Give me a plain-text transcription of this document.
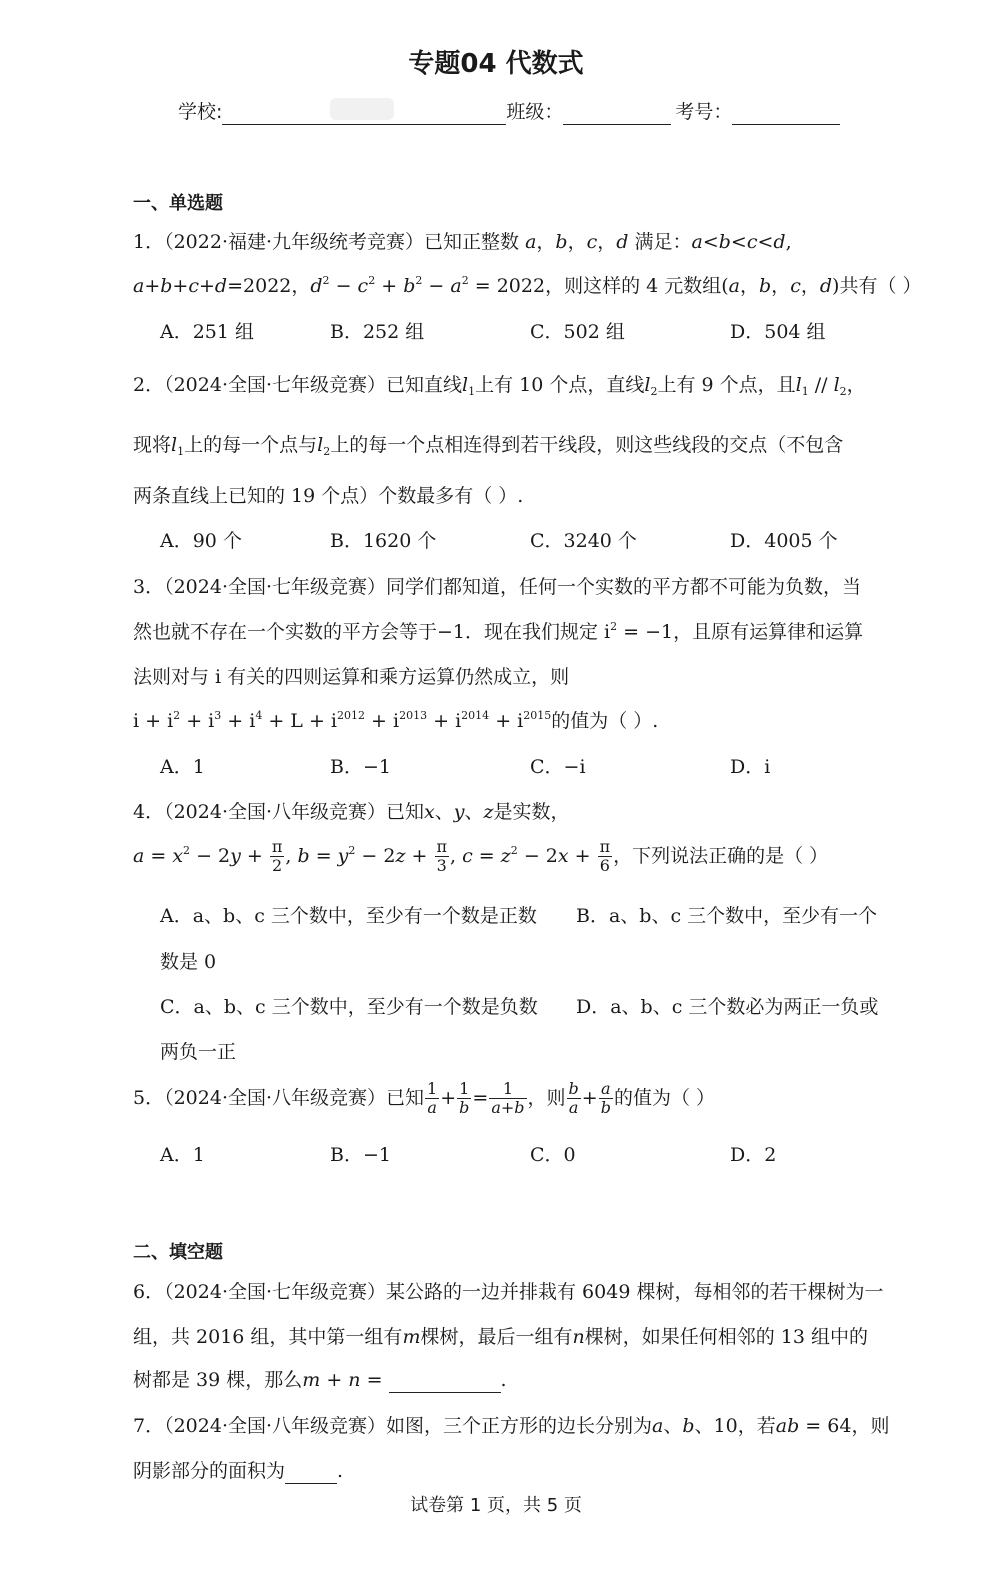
专题04 代数式
学校:	班级：	考号：
一、单选题
1．（2022·福建·九年级统考竞赛）已知正整数 a，b，c，d 满足：a<b<c<d,
a+b+c+d=2022，$d^2 - c^2 + b^2 - a^2 = 2022$，则这样的 4 元数组(a，b，c，d)共有（ ）
A．251 组	B．252 组	C．502 组	D．504 组
2．（2024·全国·七年级竞赛）已知直线$l_1$上有 10 个点，直线$l_2$上有 9 个点，且$l_1 // l_2$，
现将$l_1$上的每一个点与$l_2$上的每一个点相连得到若干线段，则这些线段的交点（不包含
两条直线上已知的 19 个点）个数最多有（ ）.
A．90 个	B．1620 个	C．3240 个	D．4005 个
3．（2024·全国·七年级竞赛）同学们都知道，任何一个实数的平方都不可能为负数，当
然也就不存在一个实数的平方会等于−1．现在我们规定 $i^2 = -1$，且原有运算律和运算
法则对与 i 有关的四则运算和乘方运算仍然成立，则
$i + i^2 + i^3 + i^4 + L + i^{2012} + i^{2013} + i^{2014} + i^{2015}$的值为（ ）.
A．1	B．−1	C．−i	D．i
4．（2024·全国·八年级竞赛）已知x、y、z是实数，
$a = x^2 - 2y + \frac{\pi}{2}$ , $b = y^2 - 2z + \frac{\pi}{3}$ , $c = z^2 - 2x + \frac{\pi}{6}$ ，下列说法正确的是（ ）
A．a、b、c 三个数中，至少有一个数是正数 B．a、b、c 三个数中，至少有一个
数是 0
C．a、b、c 三个数中，至少有一个数是负数 D．a、b、c 三个数必为两正一负或
两负一正
5．（2024·全国·八年级竞赛）已知 $\frac{1}{a} + \frac{1}{b} = \frac{1}{a+b}$ ，则 $\frac{b}{a} + \frac{a}{b}$ 的值为（ ）
A．1	B．−1	C．0	D．2
二、填空题
6．（2024·全国·七年级竞赛）某公路的一边并排栽有 6049 棵树，每相邻的若干棵树为一
组，共 2016 组，其中第一组有m棵树，最后一组有n棵树，如果任何相邻的 13 组中的
树都是 39 棵，那么m + n =	.
7．（2024·全国·八年级竞赛）如图，三个正方形的边长分别为a、b、10，若ab = 64，则
阴影部分的面积为	.
试卷第 1 页，共 5 页
